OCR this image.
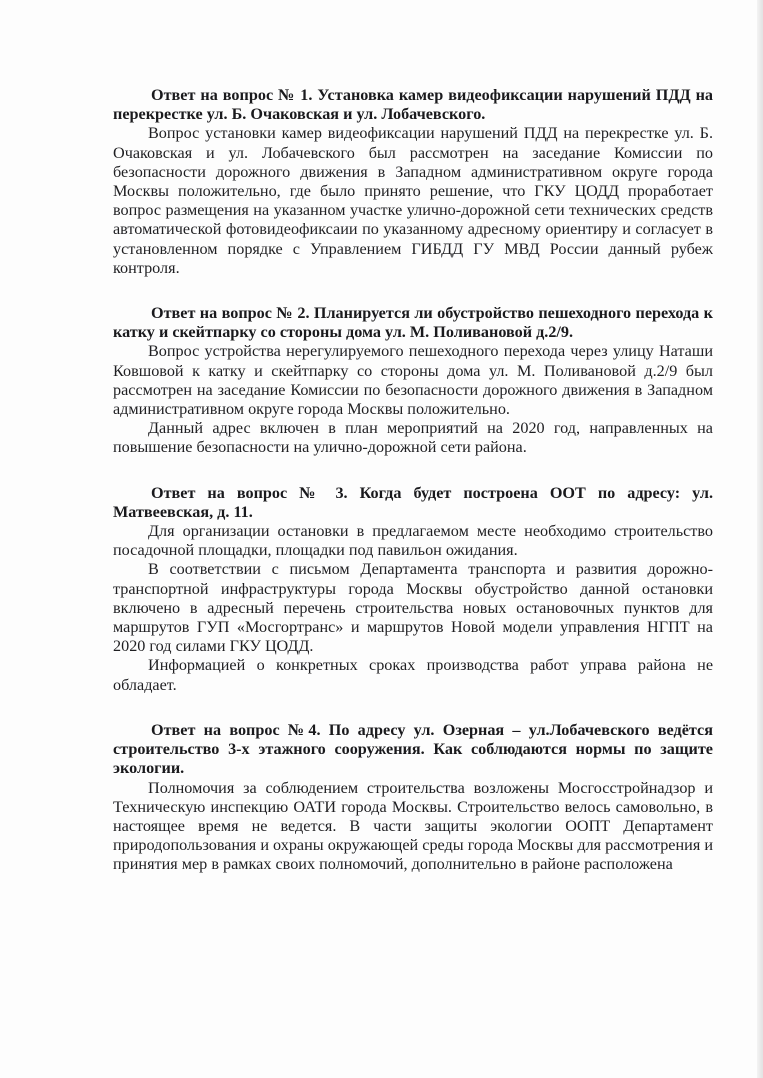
Ответ на вопрос № 1. Установка камер видеофиксации нарушений ПДД на перекрестке ул. Б. Очаковская и ул. Лобачевского.

Вопрос установки камер видеофиксации нарушений ПДД на перекрестке ул. Б. Очаковская и ул. Лобачевского был рассмотрен на заседание Комиссии по безопасности дорожного движения в Западном административном округе города Москвы положительно, где было принято решение, что ГКУ ЦОДД проработает вопрос размещения на указанном участке улично-дорожной сети технических средств автоматической фотовидеофиксаии по указанному адресному ориентиру и согласует в установленном порядке с Управлением ГИБДД ГУ МВД России данный рубеж контроля.

Ответ на вопрос № 2. Планируется ли обустройство пешеходного перехода к катку и скейтпарку со стороны дома ул. М. Поливановой д.2/9.

Вопрос устройства нерегулируемого пешеходного перехода через улицу Наташи Ковшовой к катку и скейтпарку со стороны дома ул. М. Поливановой д.2/9 был рассмотрен на заседание Комиссии по безопасности дорожного движения в Западном административном округе города Москвы положительно.

Данный адрес включен в план мероприятий на 2020 год, направленных на повышение безопасности на улично-дорожной сети района.

Ответ на вопрос № 3. Когда будет построена ООТ по адресу: ул. Матвеевская, д. 11.

Для организации остановки в предлагаемом месте необходимо строительство посадочной площадки, площадки под павильон ожидания.

В соответствии с письмом Департамента транспорта и развития дорожно-транспортной инфраструктуры города Москвы обустройство данной остановки включено в адресный перечень строительства новых остановочных пунктов для маршрутов ГУП «Мосгортранс» и маршрутов Новой модели управления НГПТ на 2020 год силами ГКУ ЦОДД.

Информацией о конкретных сроках производства работ управа района не обладает.

Ответ на вопрос №4. По адресу ул. Озерная – ул.Лобачевского ведётся строительство 3-х этажного сооружения. Как соблюдаются нормы по защите экологии.

Полномочия за соблюдением строительства возложены Мосгосстройнадзор и Техническую инспекцию ОАТИ города Москвы. Строительство велось самовольно, в настоящее время не ведется. В части защиты экологии ООПТ Департамент природопользования и охраны окружающей среды города Москвы для рассмотрения и принятия мер в рамках своих полномочий, дополнительно в районе расположена
